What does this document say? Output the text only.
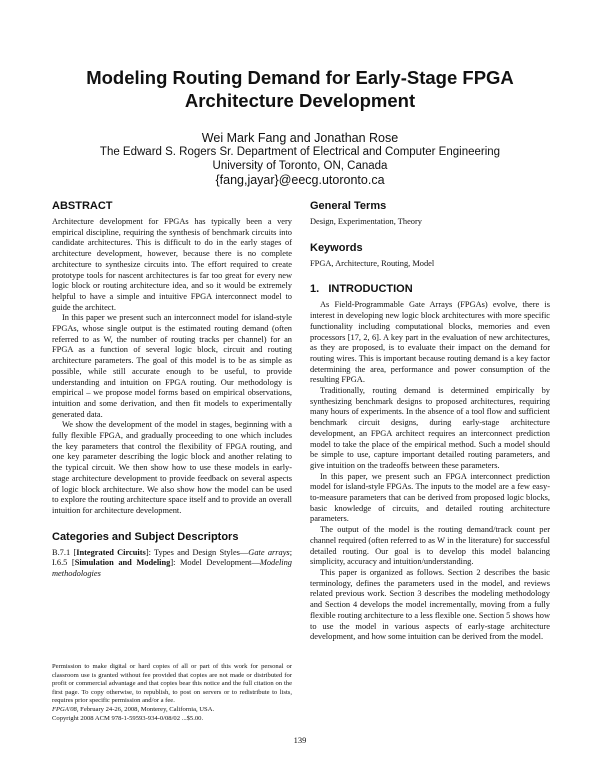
Modeling Routing Demand for Early-Stage FPGA
Architecture Development
Wei Mark Fang and Jonathan Rose
The Edward S. Rogers Sr. Department of Electrical and Computer Engineering
University of Toronto, ON, Canada
{fang,jayar}@eecg.utoronto.ca
ABSTRACT

Architecture development for FPGAs has typically been a very empirical discipline, requiring the synthesis of benchmark circuits into candidate architectures. This is difficult to do in the early stages of architecture development, however, because there is no complete architecture to synthesize circuits into. The effort required to create prototype tools for nascent architectures is far too great for every new logic block or routing architecture idea, and so it would be extremely helpful to have a simple and intuitive FPGA interconnect model to guide the architect.

In this paper we present such an interconnect model for island-style FPGAs, whose single output is the estimated routing demand (often referred to as W, the number of routing tracks per channel) for an FPGA as a function of several logic block, circuit and routing architecture parameters. The goal of this model is to be as simple as possible, while still accurate enough to be useful, to provide understanding and intuition on FPGA routing. Our methodology is empirical – we propose model forms based on empirical observations, intuition and some derivation, and then fit models to experimentally generated data.

We show the development of the model in stages, beginning with a fully flexible FPGA, and gradually proceeding to one which includes the key parameters that control the flexibility of FPGA routing, and one key parameter describing the logic block and another relating to the typical circuit. We then show how to use these models in early-stage architecture development to provide feedback on several aspects of logic block architecture. We also show how the model can be used to explore the routing architecture space itself and to provide an overall intuition for architecture development.

Categories and Subject Descriptors

B.7.1 [Integrated Circuits]: Types and Design Styles—Gate arrays; I.6.5 [Simulation and Modeling]: Model Development—Modeling methodologies

Permission to make digital or hard copies of all or part of this work for personal or classroom use is granted without fee provided that copies are not made or distributed for profit or commercial advantage and that copies bear this notice and the full citation on the first page. To copy otherwise, to republish, to post on servers or to redistribute to lists, requires prior specific permission and/or a fee.

FPGA'08, February 24-26, 2008, Monterey, California, USA.

Copyright 2008 ACM 978-1-59593-934-0/08/02 ...$5.00.

General Terms

Design, Experimentation, Theory

Keywords

FPGA, Architecture, Routing, Model

1.   INTRODUCTION

As Field-Programmable Gate Arrays (FPGAs) evolve, there is interest in developing new logic block architectures with more specific functionality including computational blocks, memories and even processors [17, 2, 6]. A key part in the evaluation of new architectures, as they are proposed, is to evaluate their impact on the demand for routing wires. This is important because routing demand is a key factor determining the area, performance and power consumption of the resulting FPGA.

Traditionally, routing demand is determined empirically by synthesizing benchmark designs to proposed architectures, requiring many hours of experiments. In the absence of a tool flow and sufficient benchmark circuit designs, during early-stage architecture development, an FPGA architect requires an interconnect prediction model to take the place of the empirical method. Such a model should be simple to use, capture important detailed routing parameters, and give intuition on the tradeoffs between these parameters.

In this paper, we present such an FPGA interconnect prediction model for island-style FPGAs. The inputs to the model are a few easy-to-measure parameters that can be derived from proposed logic blocks, basic knowledge of circuits, and detailed routing architecture parameters.

The output of the model is the routing demand/track count per channel required (often referred to as W in the literature) for successful detailed routing. Our goal is to develop this model balancing simplicity, accuracy and intuition/understanding.

This paper is organized as follows. Section 2 describes the basic terminology, defines the parameters used in the model, and reviews related previous work. Section 3 describes the modeling methodology and Section 4 develops the model incrementally, moving from a fully flexible routing architecture to a less flexible one. Section 5 shows how to use the model in various aspects of early-stage architecture development, and how some intuition can be derived from the model.

139
